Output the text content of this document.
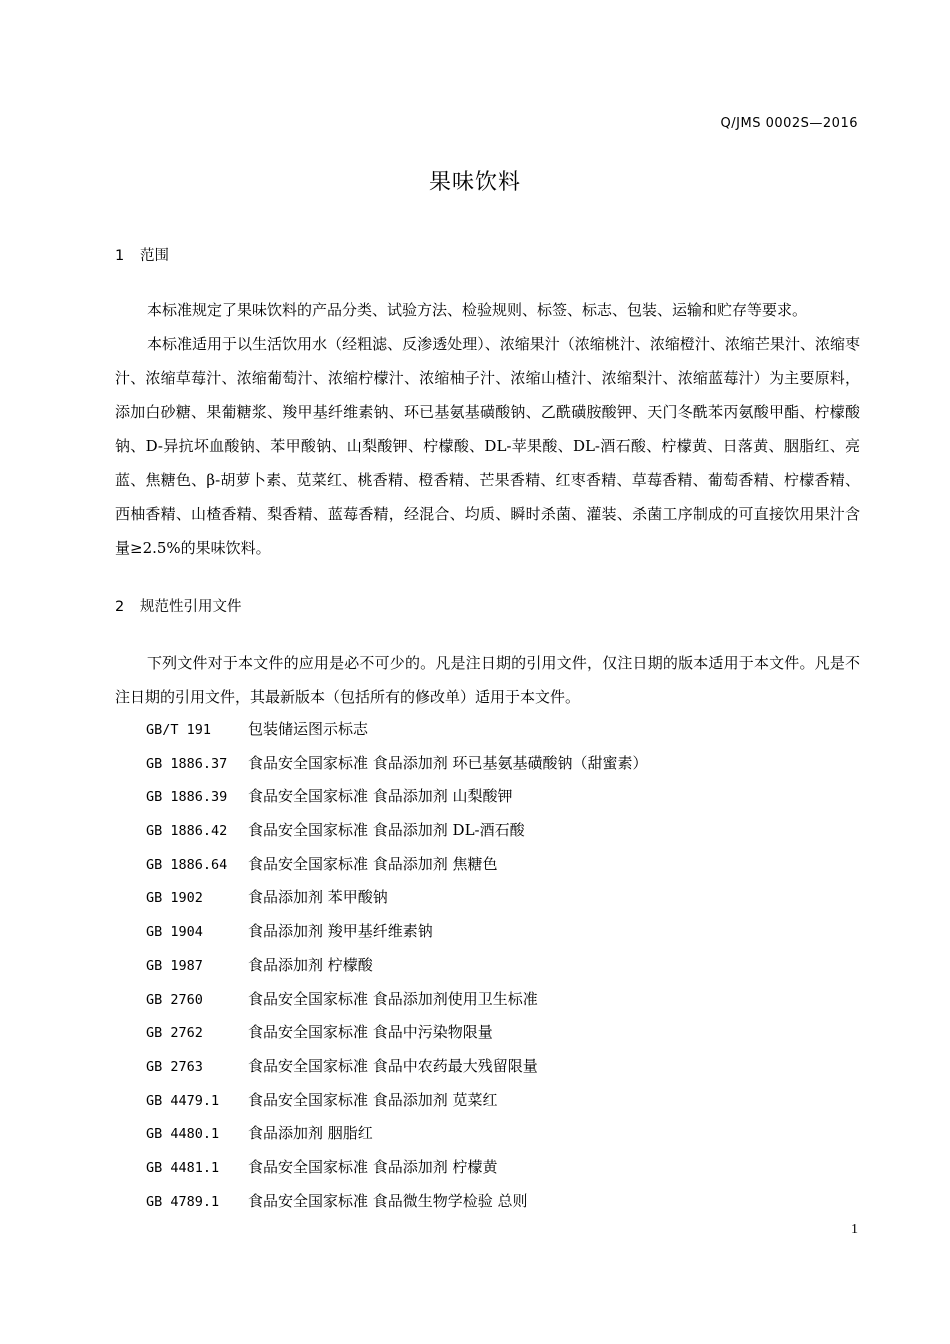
Q/JMS 0002S—2016
果味饮料
1 范围

本标准规定了果味饮料的产品分类、试验方法、检验规则、标签、标志、包装、运输和贮存等要求。

本标准适用于以生活饮用水（经粗滤、反渗透处理）、浓缩果汁（浓缩桃汁、浓缩橙汁、浓缩芒果汁、浓缩枣汁、浓缩草莓汁、浓缩葡萄汁、浓缩柠檬汁、浓缩柚子汁、浓缩山楂汁、浓缩梨汁、浓缩蓝莓汁）为主要原料，添加白砂糖、果葡糖浆、羧甲基纤维素钠、环已基氨基磺酸钠、乙酰磺胺酸钾、天门冬酰苯丙氨酸甲酯、柠檬酸钠、D-异抗坏血酸钠、苯甲酸钠、山梨酸钾、柠檬酸、DL-苹果酸、DL-酒石酸、柠檬黄、日落黄、胭脂红、亮蓝、焦糖色、β-胡萝卜素、苋菜红、桃香精、橙香精、芒果香精、红枣香精、草莓香精、葡萄香精、柠檬香精、西柚香精、山楂香精、梨香精、蓝莓香精，经混合、均质、瞬时杀菌、灌装、杀菌工序制成的可直接饮用果汁含量≥2.5%的果味饮料。

2 规范性引用文件

下列文件对于本文件的应用是必不可少的。凡是注日期的引用文件，仅注日期的版本适用于本文件。凡是不注日期的引用文件，其最新版本（包括所有的修改单）适用于本文件。

GB/T 191 包装储运图示标志
GB 1886.37 食品安全国家标准 食品添加剂 环已基氨基磺酸钠（甜蜜素）
GB 1886.39 食品安全国家标准 食品添加剂 山梨酸钾
GB 1886.42 食品安全国家标准 食品添加剂 DL-酒石酸
GB 1886.64 食品安全国家标准 食品添加剂 焦糖色
GB 1902	食品添加剂 苯甲酸钠
GB 1904	食品添加剂 羧甲基纤维素钠
GB 1987	食品添加剂 柠檬酸
GB 2760	食品安全国家标准 食品添加剂使用卫生标准
GB 2762	食品安全国家标准 食品中污染物限量
GB 2763	食品安全国家标准 食品中农药最大残留限量
GB 4479.1 食品安全国家标准 食品添加剂 苋菜红
GB 4480.1 食品添加剂 胭脂红
GB 4481.1 食品安全国家标准 食品添加剂 柠檬黄
GB 4789.1 食品安全国家标准 食品微生物学检验 总则
1
